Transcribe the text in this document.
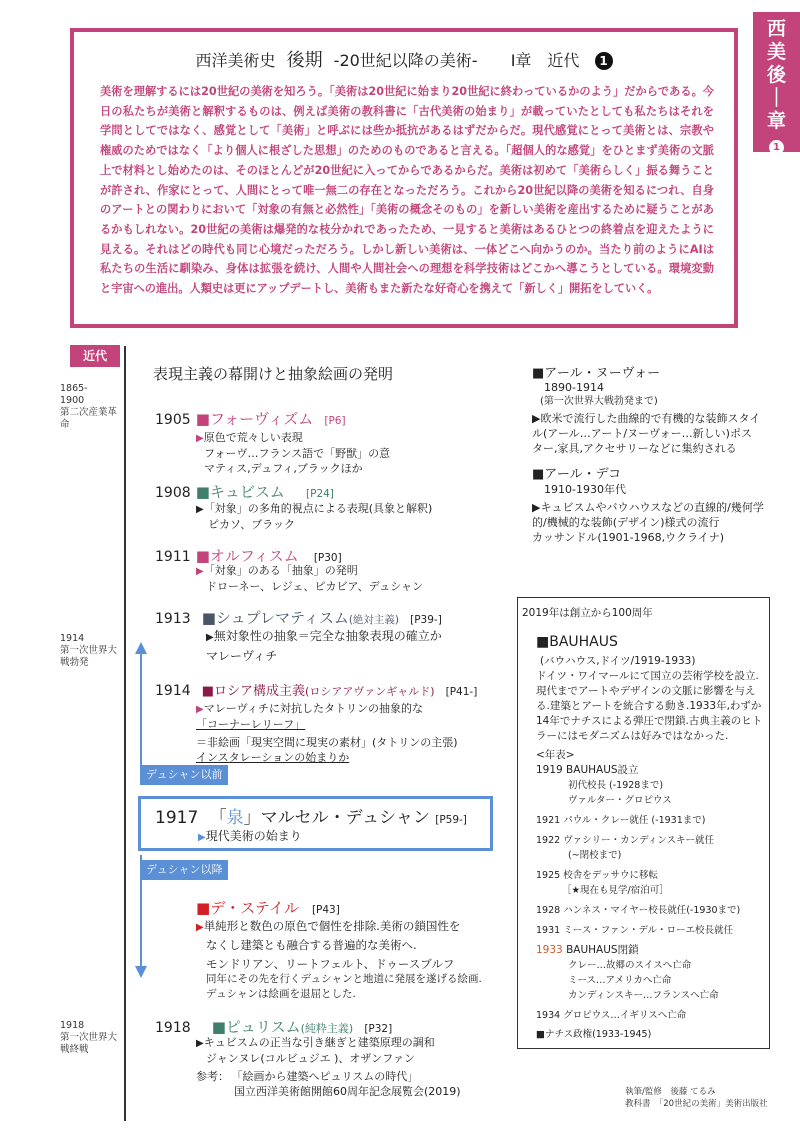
西洋美術史 後期 -20世紀以降の美術- Ⅰ章　近代 1
美術を理解するには20世紀の美術を知ろう。「美術は20世紀に始まり20世紀に終わっているかのよう」だからである。今日の私たちが美術と解釈するものは、例えば美術の教科書に「古代美術の始まり」が載っていたとしても私たちはそれを学問としてではなく、感覚として「美術」と呼ぶには些か抵抗があるはずだからだ。現代感覚にとって美術とは、宗教や権威のためではなく「より個人に根ざした思想」のためのものであると言える。「超個人的な感覚」をひとまず美術の文脈上で材料とし始めたのは、そのほとんどが20世紀に入ってからであるからだ。美術は初めて「美術らしく」振る舞うことが許され、作家にとって、人間にとって唯一無二の存在となっただろう。これから20世紀以降の美術を知るにつれ、自身のアートとの関わりにおいて「対象の有無と必然性」「美術の概念そのもの」を新しい美術を産出するために疑うことがあるかもしれない。20世紀の美術は爆発的な枝分かれであったため、一見すると美術はあるひとつの終着点を迎えたように見える。それはどの時代も同じ心境だっただろう。しかし新しい美術は、一体どこへ向かうのか。当たり前のようにAIは私たちの生活に馴染み、身体は拡張を続け、人間や人間社会への理想を科学技術はどこかへ導こうとしている。環境変動と宇宙への進出。人類史は更にアップデートし、美術もまた新たな好奇心を携えて「新しく」開拓をしていく。
西
美
後
｜
章
1
近代
1865-
1900
第二次産業革
命
1914
第一次世界大
戦勃発
1918
第一次世界大
戦終戦
デュシャン以前
デュシャン以降
表現主義の幕開けと抽象絵画の発明
1905 ■フォーヴィズム [P6]
▶原色で荒々しい表現
フォーヴ…フランス語で「野獣」の意
マティス,デュフィ,ブラックほか
1908 ■キュビスム [P24]
▶「対象」の多角的視点による表現(具象と解釈)
ピカソ、ブラック
1911 ■オルフィスム [P30]
▶「対象」のある「抽象」の発明
ドローネー、レジェ、ピカビア、デュシャン
1913 ■シュプレマティスム(絶対主義) [P39-]
▶無対象性の抽象＝完全な抽象表現の確立か
マレーヴィチ
1914 ■ロシア構成主義(ロシアアヴァンギャルド) [P41-]
▶マレーヴィチに対抗したタトリンの抽象的な
「コーナーレリーフ」
＝非絵画「現実空間に現実の素材」(タトリンの主張)
インスタレーションの始まりか
1917 「泉」マルセル・デュシャン [P59-]
▶現代美術の始まり
■デ・ステイル [P43]
▶単純形と数色の原色で個性を排除.美術の鎖国性を
なくし建築とも融合する普遍的な美術へ.
モンドリアン、リートフェルト、ドゥースブルフ
同年にその先を行くデュシャンと地道に発展を遂げる絵画.
デュシャンは絵画を退屈とした.
1918 ■ピュリスム(純粋主義) [P32]
▶キュビスムの正当な引き継ぎと建築原理の調和
ジャンヌレ(コルビュジエ )、オザンファン
参考： 「絵画から建築へピュリスムの時代」
国立西洋美術館開館60周年記念展覧会(2019)
■アール・ヌーヴォー
1890-1914
(第一次世界大戦勃発まで)
▶欧米で流行した曲線的で有機的な装飾スタイ
ル(アール…アート/ヌーヴォー…新しい)ポス
ター,家具,アクセサリーなどに集約される
■アール・デコ
1910-1930年代
▶キュビスムやバウハウスなどの直線的/幾何学
的/機械的な装飾(デザイン)様式の流行
カッサンドル(1901-1968,ウクライナ)
2019年は創立から100周年
■BAUHAUS
(バウハウス,ドイツ/1919-1933)
ドイツ・ワイマールにて国立の芸術学校を設立.
現代までアートやデザインの文脈に影響を与え
る.建築とアートを統合する動き.1933年,わずか
14年でナチスによる弾圧で閉鎖.古典主義のヒト
ラーにはモダニズムは好みではなかった.
<年表>
1919 BAUHAUS設立
初代校長 (-1928まで)
ヴァルター・グロピウス
1921 パウル・クレー就任 (-1931まで)
1922 ヴァシリー・カンディンスキー就任
(~閉校まで)
1925 校舎をデッサウに移転
［★現在も見学/宿泊可］
1928 ハンネス・マイヤー校長就任(-1930まで)
1931 ミース・ファン・デル・ローエ校長就任
1933 BAUHAUS閉鎖
クレー…故郷のスイスへ亡命
ミース…アメリカへ亡命
カンディンスキー…フランスへ亡命
1934 グロピウス…イギリスへ亡命
■ナチス政権(1933-1945)
執筆/監修　後藤 てるみ
教科書　「20世紀の美術」美術出版社
